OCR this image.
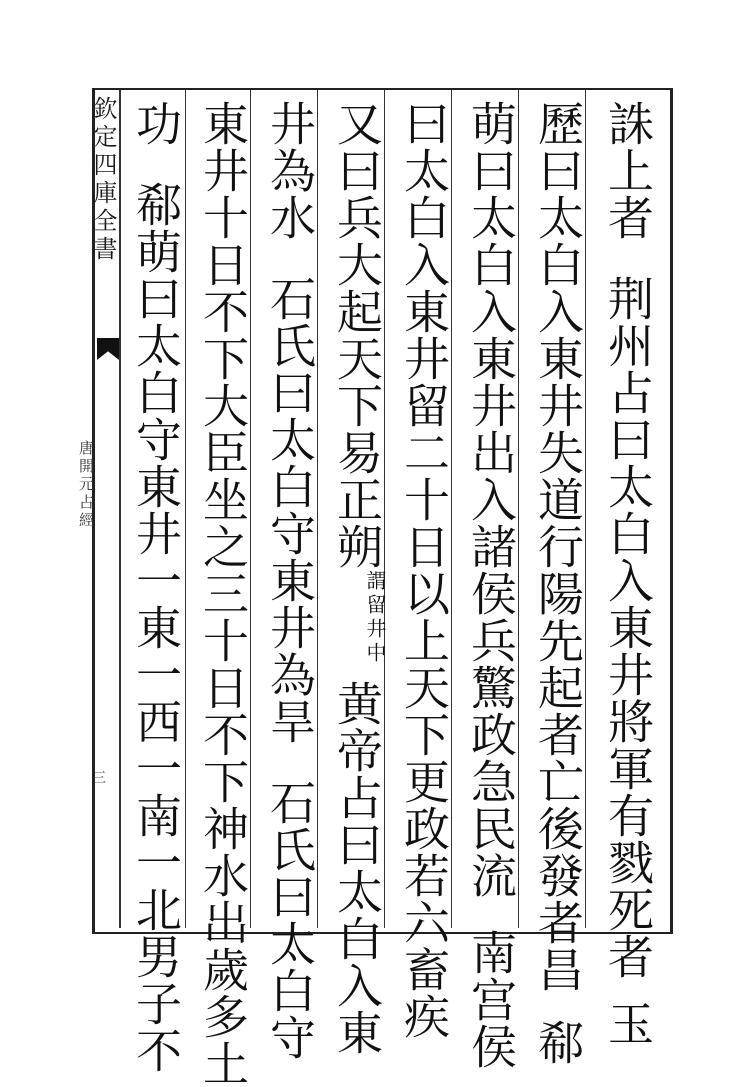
欽定四庫全書
唐開元占經
三
誅上者荆州占曰太白入東井將軍有戮死者玉
歷曰太白入東井失道行陽先起者亡後發者昌郗
萌曰太白入東井出入諸侯兵驚政急民流南宫侯
曰太白入東井留二十日以上天下更政若六畜疾
又曰兵大起天下易正朔謂留井中黄帝占曰太白入東
井為水石氏曰太白守東井為旱石氏曰太白守
東井十日不下大臣坐之三十日不下神水出歲多土
功郗萌曰太白守東井一東一西一南一北男子不
